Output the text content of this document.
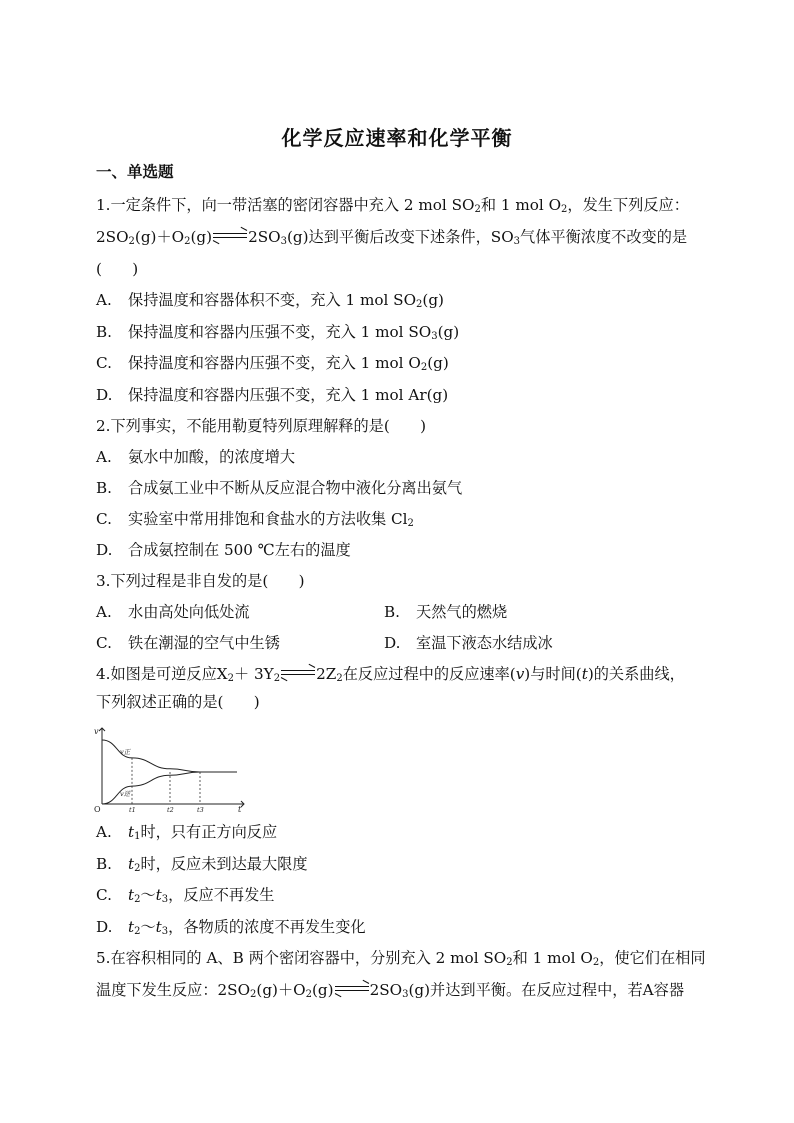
化学反应速率和化学平衡
一、单选题
1.一定条件下，向一带活塞的密闭容器中充入 2 mol $SO_2$和 1 mol $O_2$，发生下列反应：
$2SO_2(g)+O_2(g)$ $2SO_3(g)$达到平衡后改变下述条件，$SO_3$气体平衡浓度不改变的是
(　　)
A. 保持温度和容器体积不变，充入 1 mol $SO_2(g)$
B. 保持温度和容器内压强不变，充入 1 mol $SO_3(g)$
C. 保持温度和容器内压强不变，充入 1 mol $O_2(g)$
D. 保持温度和容器内压强不变，充入 1 mol Ar(g)
2.下列事实，不能用勒夏特列原理解释的是(　　)
A. 氨水中加酸，的浓度增大
B. 合成氨工业中不断从反应混合物中液化分离出氨气
C. 实验室中常用排饱和食盐水的方法收集 $Cl_2$
D. 合成氨控制在 500 ℃左右的温度
3.下列过程是非自发的是(　　)
A. 水由高处向低处流	B. 天然气的燃烧
C. 铁在潮湿的空气中生锈	D. 室温下液态水结成冰
4.如图是可逆反应$X_2+ 3Y_2$ $2Z_2$在反应过程中的反应速率(v)与时间(t)的关系曲线，
下列叙述正确的是(　　)
v
t
O	t1	t2	t3
v正
v逆
A. $t_1$时，只有正方向反应
B. $t_2$时，反应未到达最大限度
C. $t_2\sim t_3$，反应不再发生
D. $t_2\sim t_3$，各物质的浓度不再发生变化
5.在容积相同的 A、B 两个密闭容器中，分别充入 2 mol $SO_2$和 1 mol $O_2$，使它们在相同
温度下发生反应：$2SO_2(g)+O_2(g)$ $2SO_3(g)$并达到平衡。在反应过程中，若A容器
